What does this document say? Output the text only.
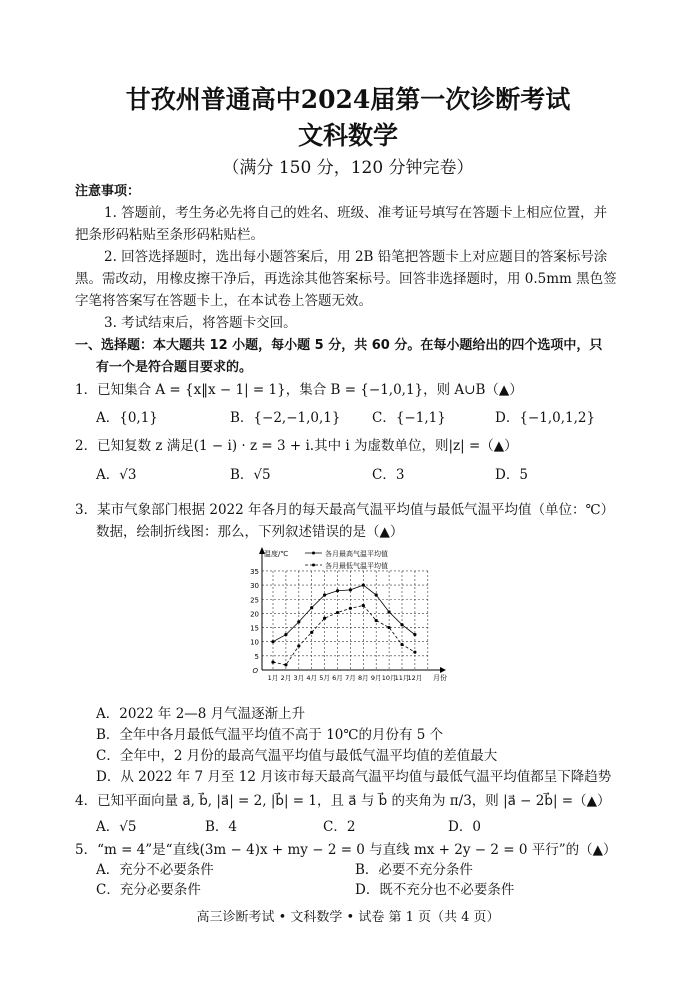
甘孜州普通高中2024届第一次诊断考试
文科数学
（满分 150 分，120 分钟完卷）
注意事项：
1. 答题前，考生务必先将自己的姓名、班级、准考证号填写在答题卡上相应位置，并
把条形码粘贴至条形码粘贴栏。
2. 回答选择题时，选出每小题答案后，用 2B 铅笔把答题卡上对应题目的答案标号涂
黑。需改动，用橡皮擦干净后，再选涂其他答案标号。回答非选择题时，用 0.5mm 黑色签
字笔将答案写在答题卡上，在本试卷上答题无效。
3. 考试结束后，将答题卡交回。
一、选择题：本大题共 12 小题，每小题 5 分，共 60 分。在每小题给出的四个选项中，只
有一个是符合题目要求的。
1．已知集合 A = {x‖x − 1| = 1}，集合 B = {−1,0,1}，则 A∪B（▲）
A．{0,1}	B．{−2,−1,0,1} C．{−1,1}	D．{−1,0,1,2}
2．已知复数 z 满足(1 − i) · z = 3 + i.其中 i 为虚数单位，则|z| =（▲）
A．√3	B．√5	C．3	D．5
3．某市气象部门根据 2022 年各月的每天最高气温平均值与最低气温平均值（单位：℃）
数据，绘制折线图：那么，下列叙述错误的是（▲）
5
10
15
20
25
30
35
1月 2月 3月 4月 5月 6月 7月 8月 9月 10月
11月
12月
温度/℃
月份
O
各月最高气温平均值
各月最低气温平均值
A．2022 年 2—8 月气温逐渐上升
B．全年中各月最低气温平均值不高于 10℃的月份有 5 个
C．全年中，2 月份的最高气温平均值与最低气温平均值的差值最大
D．从 2022 年 7 月至 12 月该市每天最高气温平均值与最低气温平均值都呈下降趋势
4．已知平面向量 a⃗, b⃗, |a⃗| = 2, |b⃗| = 1，且 a⃗ 与 b⃗ 的夹角为 π/3，则 |a⃗ − 2b⃗| =（▲）
A．√5	B．4	C．2	D．0
5．“m = 4”是“直线(3m − 4)x + my − 2 = 0 与直线 mx + 2y − 2 = 0 平行”的（▲）
A．充分不必要条件	B．必要不充分条件
C．充分必要条件	D．既不充分也不必要条件
高三诊断考试 • 文科数学 • 试卷 第 1 页（共 4 页）
